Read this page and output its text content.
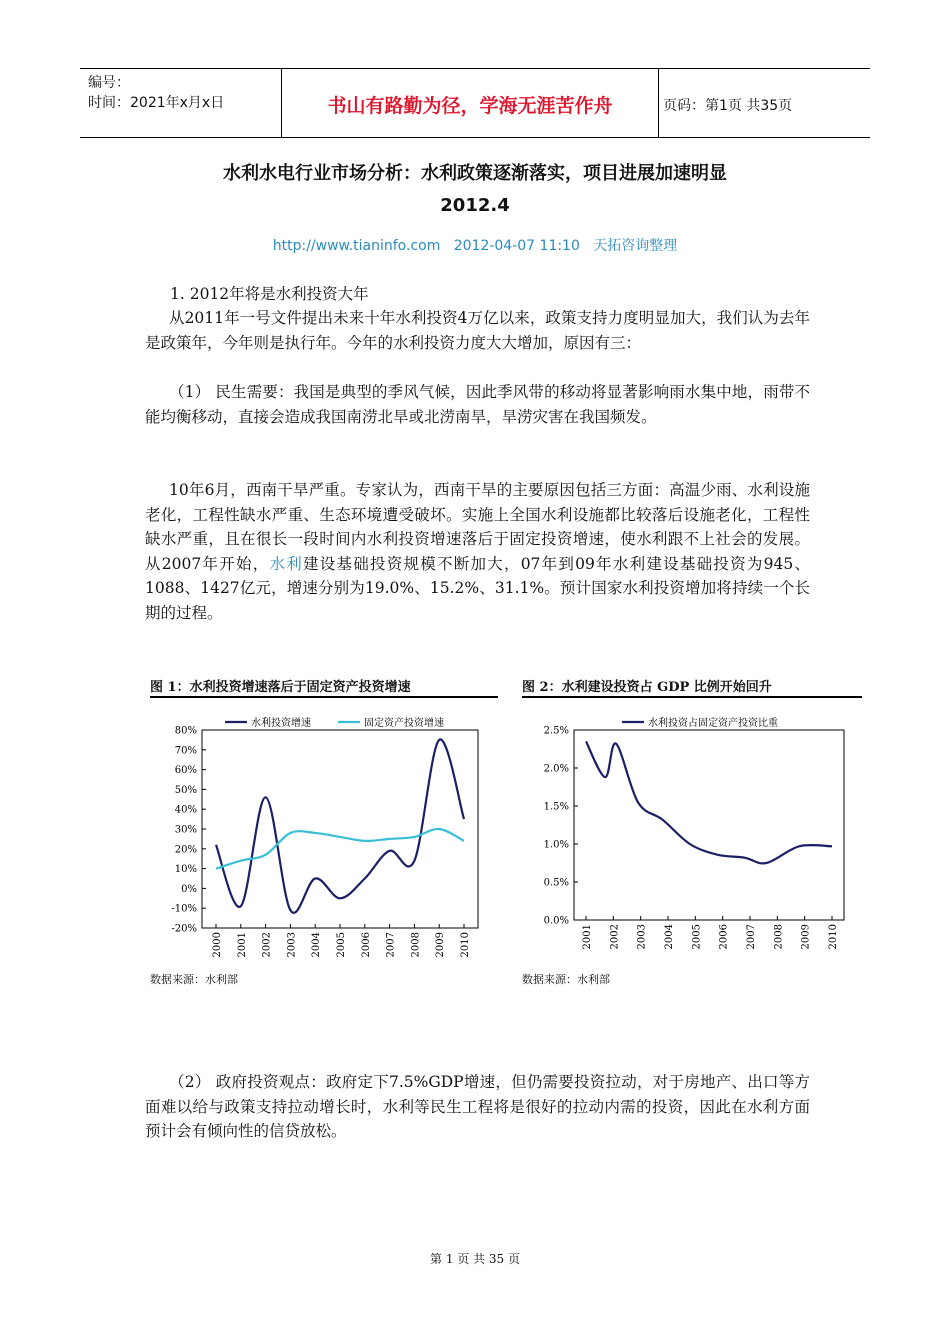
编号：
时间：2021年x月x日	书山有路勤为径，学海无涯苦作舟	页码：第1页 共35页
水利水电行业市场分析：水利政策逐渐落实，项目进展加速明显
2012.4
http://www.tianinfo.com 2012-04-07 11:10 天拓咨询整理
1. 2012年将是水利投资大年
从2011年一号文件提出未来十年水利投资4万亿以来，政策支持力度明显加大，我们认为去年是政策年，今年则是执行年。今年的水利投资力度大大增加，原因有三：
（1） 民生需要：我国是典型的季风气候，因此季风带的移动将显著影响雨水集中地，雨带不能均衡移动，直接会造成我国南涝北旱或北涝南旱，旱涝灾害在我国频发。
10年6月，西南干旱严重。专家认为，西南干旱的主要原因包括三方面：高温少雨、水利设施老化，工程性缺水严重、生态环境遭受破坏。实施上全国水利设施都比较落后设施老化，工程性缺水严重，且在很长一段时间内水利投资增速落后于固定投资增速，使水利跟不上社会的发展。从2007年开始，水利建设基础投资规模不断加大，07年到09年水利建设基础投资为945、1088、1427亿元，增速分别为19.0%、15.2%、31.1%。预计国家水利投资增加将持续一个长期的过程。
图 1：水利投资增速落后于固定资产投资增速
80%
70%
60%
50%
40%
30%
20%
10%
0%
-10%
-20%
2000 2001 2002 2003 2004 2005 2006 2007 2008 2009 2010
水利投资增速	固定资产投资增速
数据来源：水利部
图 2：水利建设投资占 GDP 比例开始回升
2.5%
2.0%
1.5%
1.0%
0.5%
0.0%
2001 2002 2003 2004 2005 2006 2007 2008 2009 2010
水利投资占固定资产投资比重
数据来源：水利部
（2） 政府投资观点：政府定下7.5%GDP增速，但仍需要投资拉动，对于房地产、出口等方面难以给与政策支持拉动增长时，水利等民生工程将是很好的拉动内需的投资，因此在水利方面预计会有倾向性的信贷放松。
第 1 页 共 35 页
